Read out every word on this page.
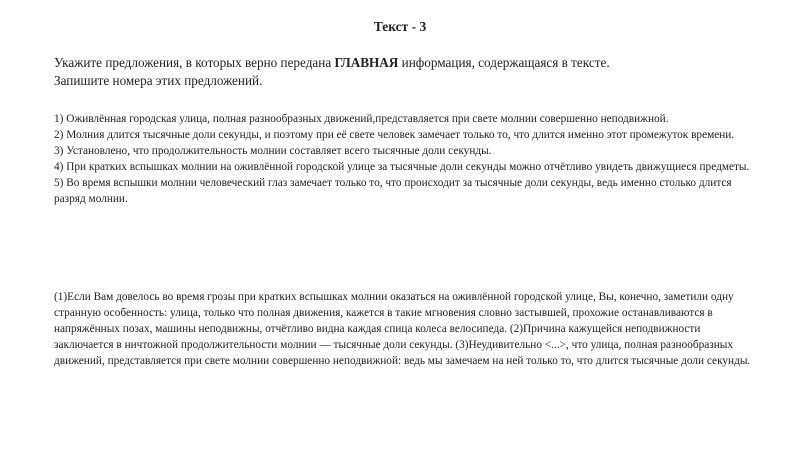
Текст - 3
Укажите предложения, в которых верно передана ГЛАВНАЯ информация, содержащаяся в тексте.
Запишите номера этих предложений.

1) Оживлённая городская улица, полная разнообразных движений,представляется при свете молнии совершенно неподвижной.

2) Молния длится тысячные доли секунды, и поэтому при её свете человек замечает только то, что длится именно этот промежуток времени.

3) Установлено, что продолжительность молнии составляет всего тысячные доли секунды.

4) При кратких вспышках молнии на оживлённой городской улице за тысячные доли секунды можно отчётливо увидеть движущиеся предметы.

5) Во время вспышки молнии человеческий глаз замечает только то, что происходит за тысячные доли секунды, ведь именно столько длится разряд молнии.

(1)Если Вам довелось во время грозы при кратких вспышках молнии оказаться на оживлённой городской улице, Вы, конечно, заметили одну странную особенность: улица, только что полная движения, кажется в такие мгновения словно застывшей, прохожие останавливаются в напряжённых позах, машины неподвижны, отчётливо видна каждая спица колеса велосипеда. (2)Причина кажущейся неподвижности заключается в ничтожной продолжительности молнии — тысячные доли секунды. (3)Неудивительно <...>, что улица, полная разнообразных движений, представляется при свете молнии совершенно неподвижной: ведь мы замечаем на ней только то, что длится тысячные доли секунды.
